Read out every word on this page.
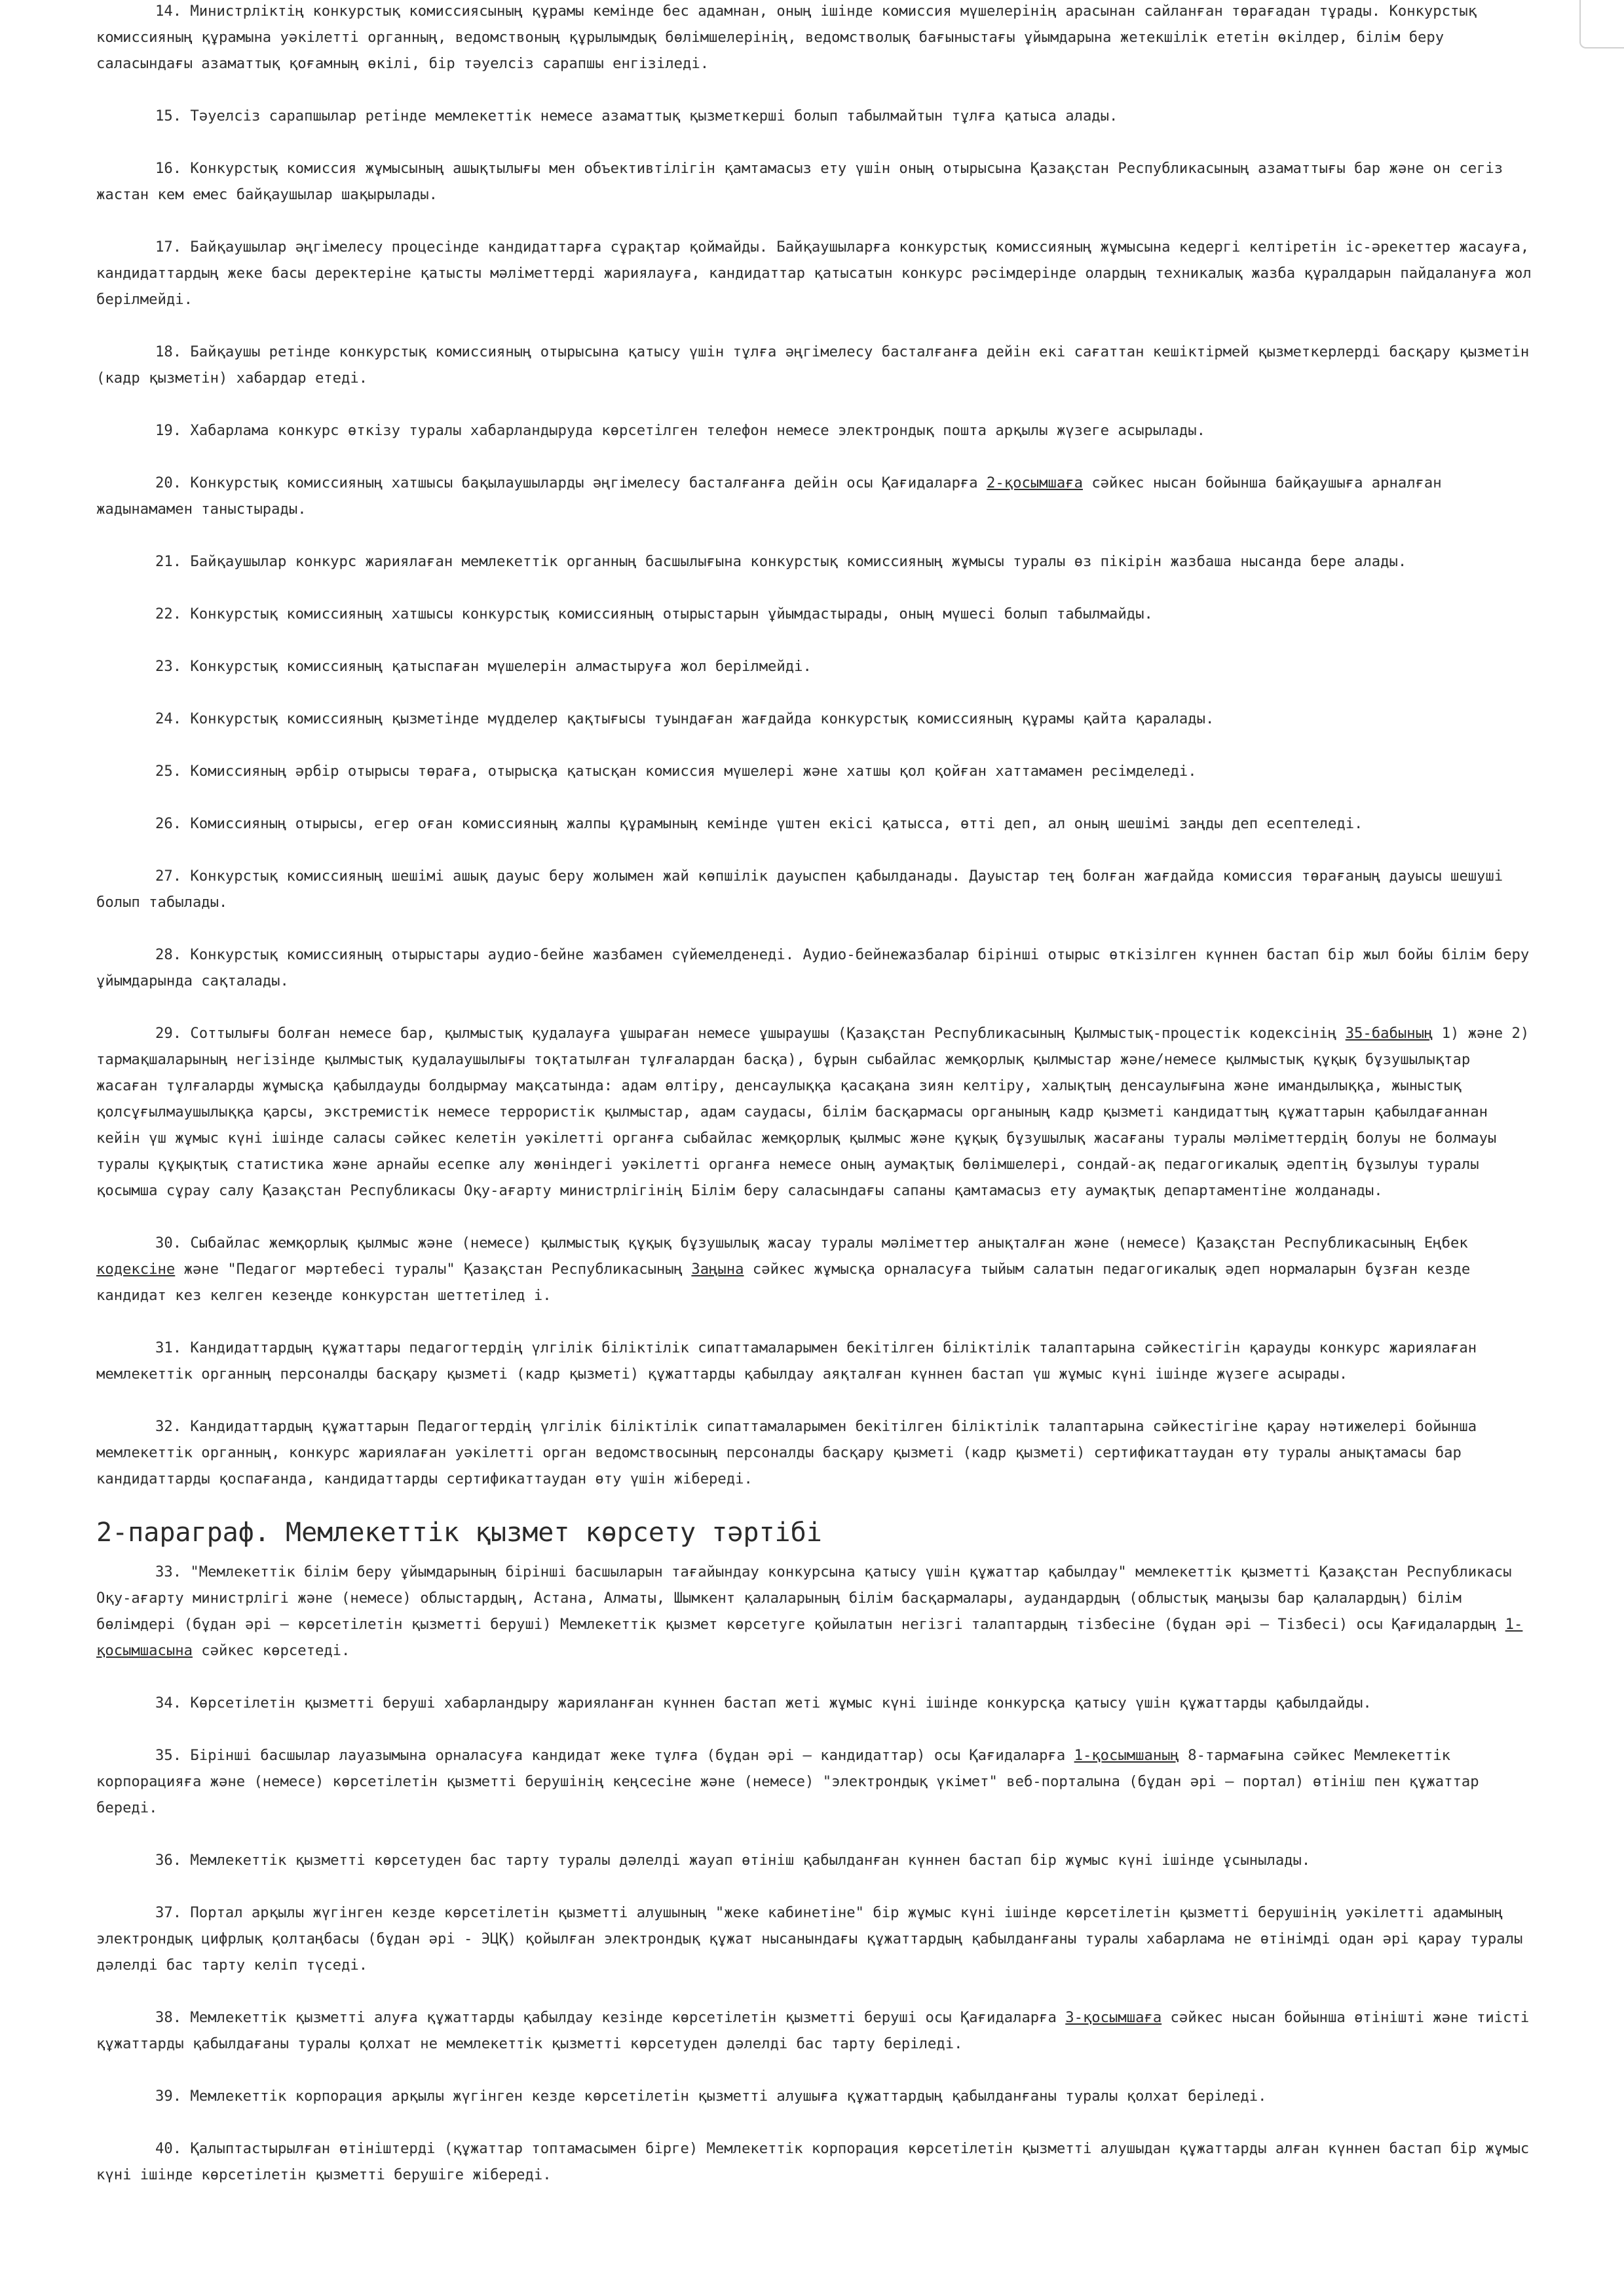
14. Министрліктің конкурстық комиссиясының құрамы кемінде бес адамнан, оның ішінде комиссия мүшелерінің арасынан сайланған төрағадан тұрады. Конкурстық комиссияның құрамына уәкілетті органның, ведомствоның құрылымдық бөлімшелерінің, ведомстволық бағыныстағы ұйымдарына жетекшілік ететін өкілдер, білім беру саласындағы азаматтық қоғамның өкілі, бір тәуелсіз сарапшы енгізіледі.

15. Тәуелсіз сарапшылар ретінде мемлекеттік немесе азаматтық қызметкерші болып табылмайтын тұлға қатыса алады.

16. Конкурстық комиссия жұмысының ашықтылығы мен объективтілігін қамтамасыз ету үшін оның отырысына Қазақстан Республикасының азаматтығы бар және он сегіз жастан кем емес байқаушылар шақырылады.

17. Байқаушылар әңгімелесу процесінде кандидаттарға сұрақтар қоймайды. Байқаушыларға конкурстық комиссияның жұмысына кедергі келтіретін іс-әрекеттер жасауға, кандидаттардың жеке басы деректеріне қатысты мәліметтерді жариялауға, кандидаттар қатысатын конкурс рәсімдерінде олардың техникалық жазба құралдарын пайдалануға жол берілмейді.

18. Байқаушы ретінде конкурстық комиссияның отырысына қатысу үшін тұлға әңгімелесу басталғанға дейін екі сағаттан кешіктірмей қызметкерлерді басқару қызметін (кадр қызметін) хабардар етеді.

19. Хабарлама конкурс өткізу туралы хабарландыруда көрсетілген телефон немесе электрондық пошта арқылы жүзеге асырылады.

20. Конкурстық комиссияның хатшысы бақылаушыларды әңгімелесу басталғанға дейін осы Қағидаларға 2-қосымшаға сәйкес нысан бойынша байқаушыға арналған жадынамамен таныстырады.

21. Байқаушылар конкурс жариялаған мемлекеттік органның басшылығына конкурстық комиссияның жұмысы туралы өз пікірін жазбаша нысанда бере алады.

22. Конкурстық комиссияның хатшысы конкурстық комиссияның отырыстарын ұйымдастырады, оның мүшесі болып табылмайды.

23. Конкурстық комиссияның қатыспаған мүшелерін алмастыруға жол берілмейді.

24. Конкурстық комиссияның қызметінде мүдделер қақтығысы туындаған жағдайда конкурстық комиссияның құрамы қайта қаралады.

25. Комиссияның әрбір отырысы төраға, отырысқа қатысқан комиссия мүшелері және хатшы қол қойған хаттамамен ресімделеді.

26. Комиссияның отырысы, егер оған комиссияның жалпы құрамының кемінде үштен екісі қатысса, өтті деп, ал оның шешімі заңды деп есептеледі.

27. Конкурстық комиссияның шешімі ашық дауыс беру жолымен жай көпшілік дауыспен қабылданады. Дауыстар тең болған жағдайда комиссия төрағаның дауысы шешуші болып табылады.

28. Конкурстық комиссияның отырыстары аудио-бейне жазбамен сүйемелденеді. Аудио-бейнежазбалар бірінші отырыс өткізілген күннен бастап бір жыл бойы білім беру ұйымдарында сақталады.

29. Соттылығы болған немесе бар, қылмыстық қудалауға ұшыраған немесе ұшыраушы (Қазақстан Республикасының Қылмыстық-процестік кодексінің 35-бабының 1) және 2) тармақшаларының негізінде қылмыстық қудалаушылығы тоқтатылған тұлғалардан басқа), бұрын сыбайлас жемқорлық қылмыстар және/немесе қылмыстық құқық бұзушылықтар жасаған тұлғаларды жұмысқа қабылдауды болдырмау мақсатында: адам өлтіру, денсаулыққа қасақана зиян келтіру, халықтың денсаулығына және имандылыққа, жыныстық қолсұғылмаушылыққа қарсы, экстремистік немесе террористік қылмыстар, адам саудасы, білім басқармасы органының кадр қызметі кандидаттың құжаттарын қабылдағаннан кейін үш жұмыс күні ішінде саласы сәйкес келетін уәкілетті органға сыбайлас жемқорлық қылмыс және құқық бұзушылық жасағаны туралы мәліметтердің болуы не болмауы туралы құқықтық статистика және арнайы есепке алу жөніндегі уәкілетті органға немесе оның аумақтық бөлімшелері, сондай-ақ педагогикалық әдептің бұзылуы туралы қосымша сұрау салу Қазақстан Республикасы Оқу-ағарту министрлігінің Білім беру саласындағы сапаны қамтамасыз ету аумақтық департаментіне жолданады.

30. Сыбайлас жемқорлық қылмыс және (немесе) қылмыстық құқық бұзушылық жасау туралы мәліметтер анықталған және (немесе) Қазақстан Республикасының Еңбек кодексіне және "Педагог мәртебесі туралы" Қазақстан Республикасының Заңына сәйкес жұмысқа орналасуға тыйым салатын педагогикалық әдеп нормаларын бұзған кезде кандидат кез келген кезеңде конкурстан шеттетілед і.

31. Кандидаттардың құжаттары педагогтердің үлгілік біліктілік сипаттамаларымен бекітілген біліктілік талаптарына сәйкестігін қарауды конкурс жариялаған мемлекеттік органның персоналды басқару қызметі (кадр қызметі) құжаттарды қабылдау аяқталған күннен бастап үш жұмыс күні ішінде жүзеге асырады.

32. Кандидаттардың құжаттарын Педагогтердің үлгілік біліктілік сипаттамаларымен бекітілген біліктілік талаптарына сәйкестігіне қарау нәтижелері бойынша мемлекеттік органның, конкурс жариялаған уәкілетті орган ведомствосының персоналды басқару қызметі (кадр қызметі) сертификаттаудан өту туралы анықтамасы бар кандидаттарды қоспағанда, кандидаттарды сертификаттаудан өту үшін жібереді.

2-параграф. Мемлекеттік қызмет көрсету тәртібі

33. "Мемлекеттік білім беру ұйымдарының бірінші басшыларын тағайындау конкурсына қатысу үшін құжаттар қабылдау" мемлекеттік қызметті Қазақстан Республикасы Оқу-ағарту министрлігі және (немесе) облыстардың, Астана, Алматы, Шымкент қалаларының білім басқармалары, аудандардың (облыстық маңызы бар қалалардың) білім бөлімдері (бұдан әрі – көрсетілетін қызметті беруші) Мемлекеттік қызмет көрсетуге қойылатын негізгі талаптардың тізбесіне (бұдан әрі – Тізбесі) осы Қағидалардың 1-қосымшасына сәйкес көрсетеді.

34. Көрсетілетін қызметті беруші хабарландыру жарияланған күннен бастап жеті жұмыс күні ішінде конкурсқа қатысу үшін құжаттарды қабылдайды.

35. Бірінші басшылар лауазымына орналасуға кандидат жеке тұлға (бұдан әрі – кандидаттар) осы Қағидаларға 1-қосымшаның 8-тармағына сәйкес Мемлекеттік корпорацияға және (немесе) көрсетілетін қызметті берушінің кеңсесіне және (немесе) "электрондық үкімет" веб-порталына (бұдан әрі – портал) өтініш пен құжаттар береді.

36. Мемлекеттік қызметті көрсетуден бас тарту туралы дәлелді жауап өтініш қабылданған күннен бастап бір жұмыс күні ішінде ұсынылады.

37. Портал арқылы жүгінген кезде көрсетілетін қызметті алушының "жеке кабинетіне" бір жұмыс күні ішінде көрсетілетін қызметті берушінің уәкілетті адамының электрондық цифрлық қолтаңбасы (бұдан әрі - ЭЦҚ) қойылған электрондық құжат нысанындағы құжаттардың қабылданғаны туралы хабарлама не өтінімді одан әрі қарау туралы дәлелді бас тарту келіп түседі.

38. Мемлекеттік қызметті алуға құжаттарды қабылдау кезінде көрсетілетін қызметті беруші осы Қағидаларға 3-қосымшаға сәйкес нысан бойынша өтінішті және тиісті құжаттарды қабылдағаны туралы қолхат не мемлекеттік қызметті көрсетуден дәлелді бас тарту беріледі.

39. Мемлекеттік корпорация арқылы жүгінген кезде көрсетілетін қызметті алушыға құжаттардың қабылданғаны туралы қолхат беріледі.

40. Қалыптастырылған өтініштерді (құжаттар топтамасымен бірге) Мемлекеттік корпорация көрсетілетін қызметті алушыдан құжаттарды алған күннен бастап бір жұмыс күні ішінде көрсетілетін қызметті берушіге жібереді.
